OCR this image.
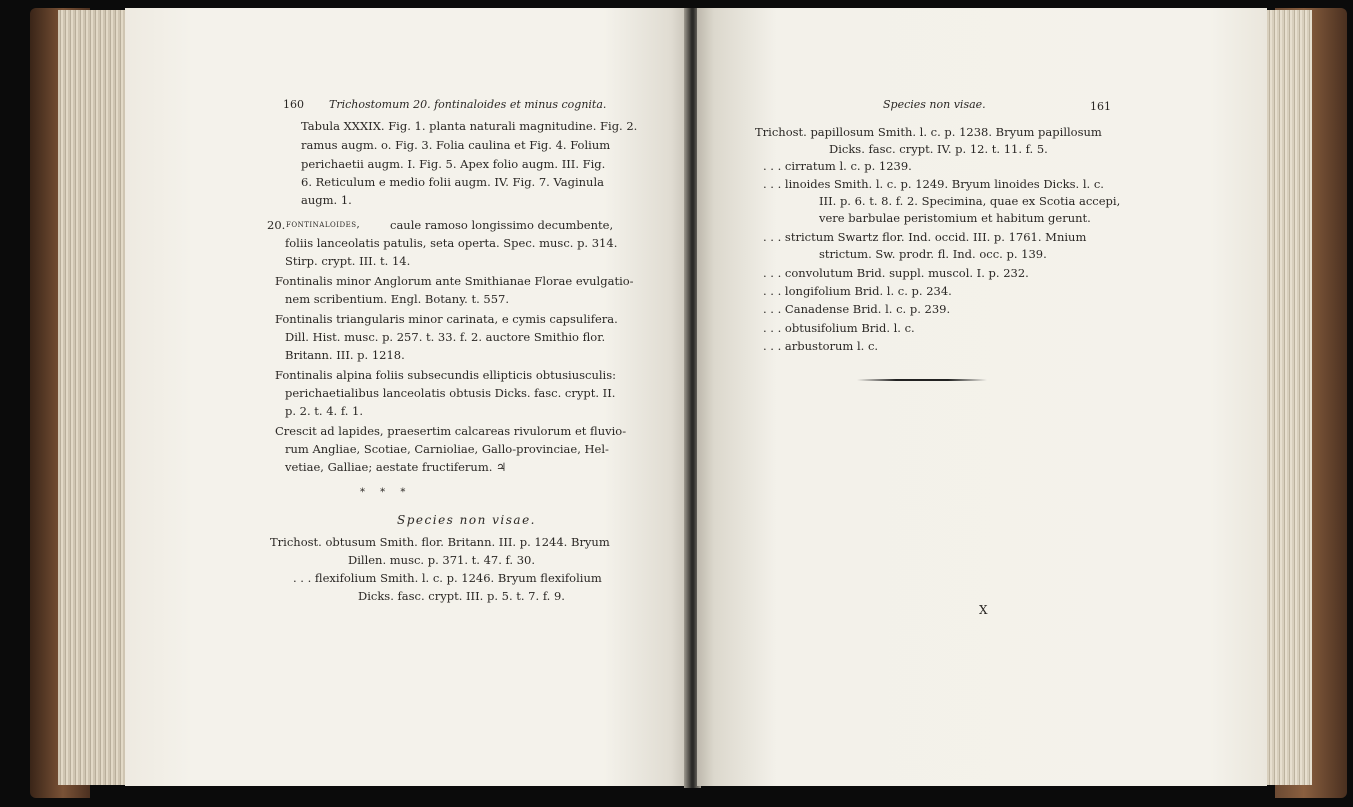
160 Trichostomum 20. fontinaloides et minus cognita.
Tabula XXXIX. Fig. 1. planta naturali magnitudine. Fig. 2.
ramus augm. o. Fig. 3. Folia caulina et Fig. 4. Folium
perichaetii augm. I. Fig. 5. Apex folio augm. III. Fig.
6. Reticulum e medio folii augm. IV. Fig. 7. Vaginula
augm. 1.
20. fontinaloides,	caule ramoso longissimo decumbente,
foliis lanceolatis patulis, seta operta. Spec. musc. p. 314.
Stirp. crypt. III. t. 14.
Fontinalis minor Anglorum ante Smithianae Florae evulgatio-
nem scribentium. Engl. Botany. t. 557.
Fontinalis triangularis minor carinata, e cymis capsulifera.
Dill. Hist. musc. p. 257. t. 33. f. 2. auctore Smithio flor.
Britann. III. p. 1218.
Fontinalis alpina foliis subsecundis ellipticis obtusiusculis:
perichaetialibus lanceolatis obtusis Dicks. fasc. crypt. II.
p. 2. t. 4. f. 1.
Crescit ad lapides, praesertim calcareas rivulorum et fluvio-
rum Angliae, Scotiae, Carnioliae, Gallo-provinciae, Hel-
vetiae, Galliae; aestate fructiferum. ♃
* * *
Species non visae.
Trichost. obtusum Smith. flor. Britann. III. p. 1244. Bryum
Dillen. musc. p. 371. t. 47. f. 30.
. . . flexifolium Smith. l. c. p. 1246. Bryum flexifolium
Dicks. fasc. crypt. III. p. 5. t. 7. f. 9.
Species non visae.	161
Trichost. papillosum Smith. l. c. p. 1238. Bryum papillosum
Dicks. fasc. crypt. IV. p. 12. t. 11. f. 5.
. . . cirratum l. c. p. 1239.
. . . linoides Smith. l. c. p. 1249. Bryum linoides Dicks. l. c.
III. p. 6. t. 8. f. 2. Specimina, quae ex Scotia accepi,
vere barbulae peristomium et habitum gerunt.
. . . strictum Swartz flor. Ind. occid. III. p. 1761. Mnium
strictum. Sw. prodr. fl. Ind. occ. p. 139.
. . . convolutum Brid. suppl. muscol. I. p. 232.
. . . longifolium Brid. l. c. p. 234.
. . . Canadense Brid. l. c. p. 239.
. . . obtusifolium Brid. l. c.
. . . arbustorum l. c.
X
